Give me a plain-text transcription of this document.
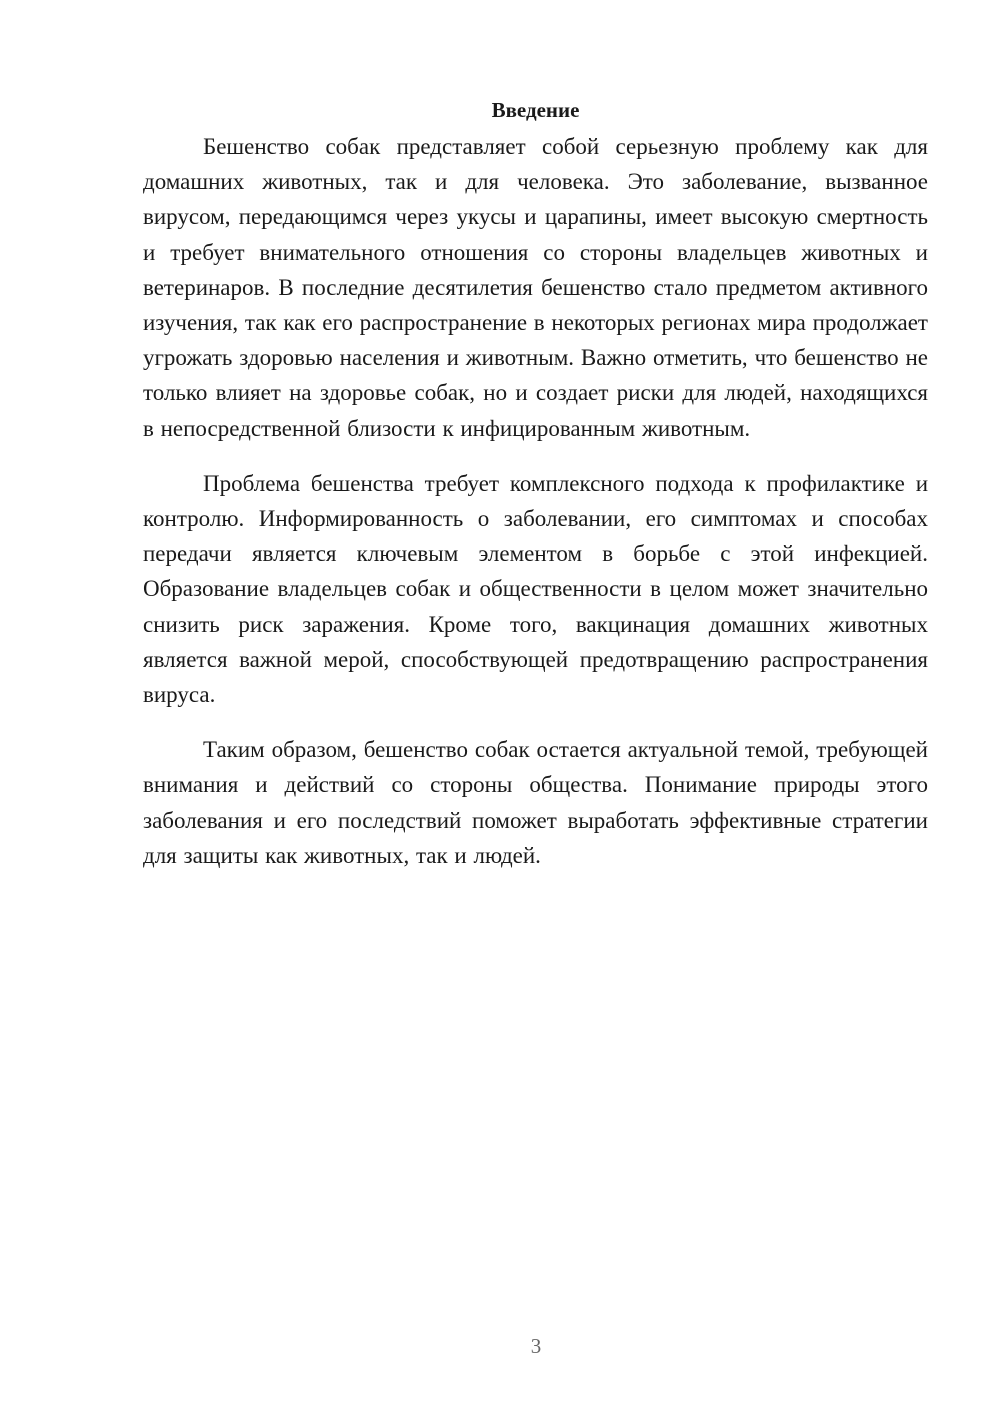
Введение

Бешенство собак представляет собой серьезную проблему как для домашних животных, так и для человека. Это заболевание, вызванное вирусом, передающимся через укусы и царапины, имеет высокую смертность и требует внимательного отношения со стороны владельцев животных и ветеринаров. В последние десятилетия бешенство стало предметом активного изучения, так как его распространение в некоторых регионах мира продолжает угрожать здоровью населения и животным. Важно отметить, что бешенство не только влияет на здоровье собак, но и создает риски для людей, находящихся в непосредственной близости к инфицированным животным.

Проблема бешенства требует комплексного подхода к профилактике и контролю. Информированность о заболевании, его симптомах и способах передачи является ключевым элементом в борьбе с этой инфекцией. Образование владельцев собак и общественности в целом может значительно снизить риск заражения. Кроме того, вакцинация домашних животных является важной мерой, способствующей предотвращению распространения вируса.

Таким образом, бешенство собак остается актуальной темой, требующей внимания и действий со стороны общества. Понимание природы этого заболевания и его последствий поможет выработать эффективные стратегии для защиты как животных, так и людей.

3
